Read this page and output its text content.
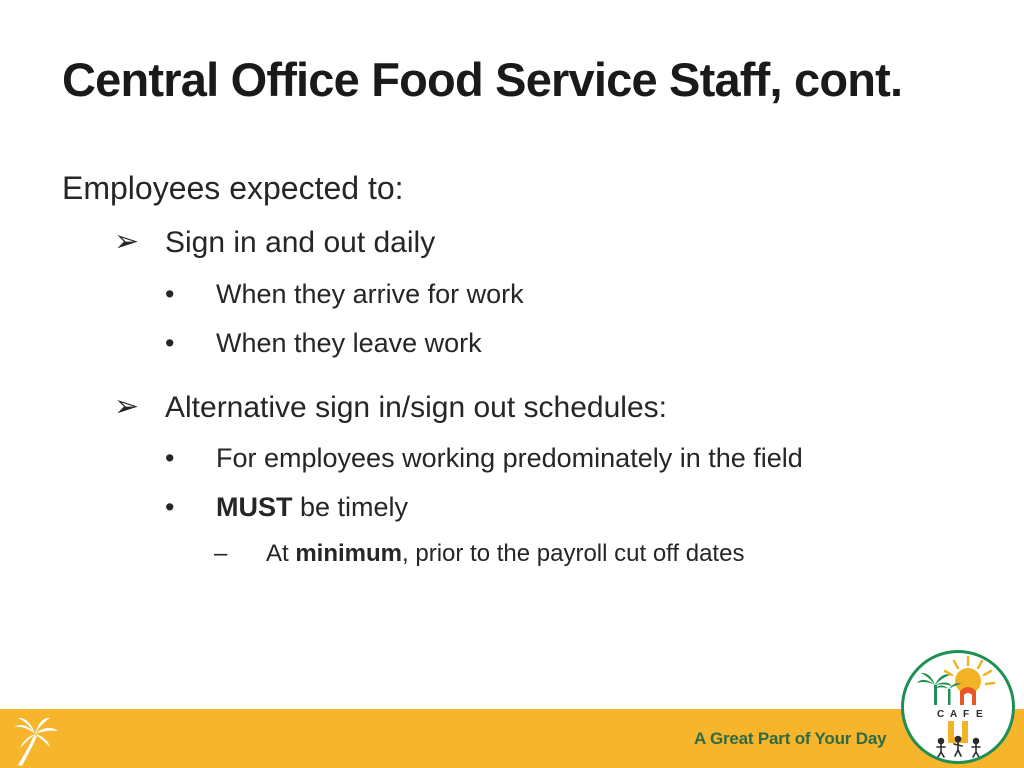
Central Office Food Service Staff, cont.
Employees expected to:
➢ Sign in and out daily
• When they arrive for work
• When they leave work
➢ Alternative sign in/sign out schedules:
• For employees working predominately in the field
• MUST be timely
– At minimum, prior to the payroll cut off dates
A Great Part of Your Day
C A F E
